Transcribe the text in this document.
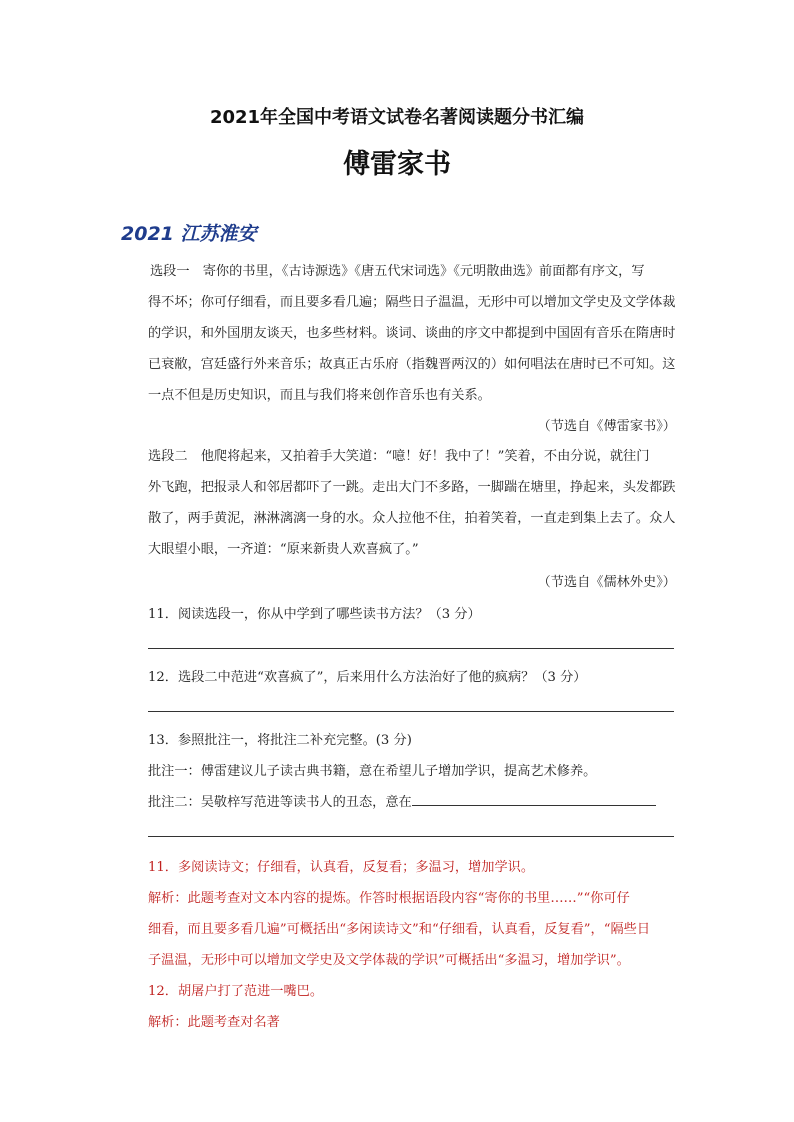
2021年全国中考语文试卷名著阅读题分书汇编
傅雷家书
2021 江苏淮安
选段一　寄你的书里，《古诗源选》《唐五代宋词选》《元明散曲选》前面都有序文，写
得不坏；你可仔细看，而且要多看几遍；隔些日子温温，无形中可以增加文学史及文学体裁
的学识，和外国朋友谈天，也多些材料。谈词、谈曲的序文中都提到中国固有音乐在隋唐时
已衰敝，宫廷盛行外来音乐；故真正古乐府（指魏晋两汉的）如何唱法在唐时已不可知。这
一点不但是历史知识，而且与我们将来创作音乐也有关系。
（节选自《傅雷家书》）
选段二　他爬将起来，又拍着手大笑道：“噫！好！我中了！”笑着，不由分说，就往门
外飞跑，把报录人和邻居都吓了一跳。走出大门不多路，一脚踹在塘里，挣起来，头发都跌
散了，两手黄泥，淋淋漓漓一身的水。众人拉他不住，拍着笑着，一直走到集上去了。众人
大眼望小眼，一齐道：“原来新贵人欢喜疯了。”
（节选自《儒林外史》）
11．阅读选段一，你从中学到了哪些读书方法？（3 分）
12．选段二中范进“欢喜疯了”，后来用什么方法治好了他的疯病？（3 分）
13．参照批注一，将批注二补充完整。(3 分)
批注一：傅雷建议儿子读古典书籍，意在希望儿子增加学识，提高艺术修养。
批注二：吴敬梓写范进等读书人的丑态，意在
11．多阅读诗文；仔细看，认真看，反复看；多温习，增加学识。
解析：此题考查对文本内容的提炼。作答时根据语段内容“寄你的书里……”“你可仔
细看，而且要多看几遍”可概括出“多闲读诗文”和“仔细看，认真看，反复看”，“隔些日
子温温，无形中可以增加文学史及文学体裁的学识”可概括出“多温习，增加学识”。
12．胡屠户打了范进一嘴巴。
解析：此题考查对名著
